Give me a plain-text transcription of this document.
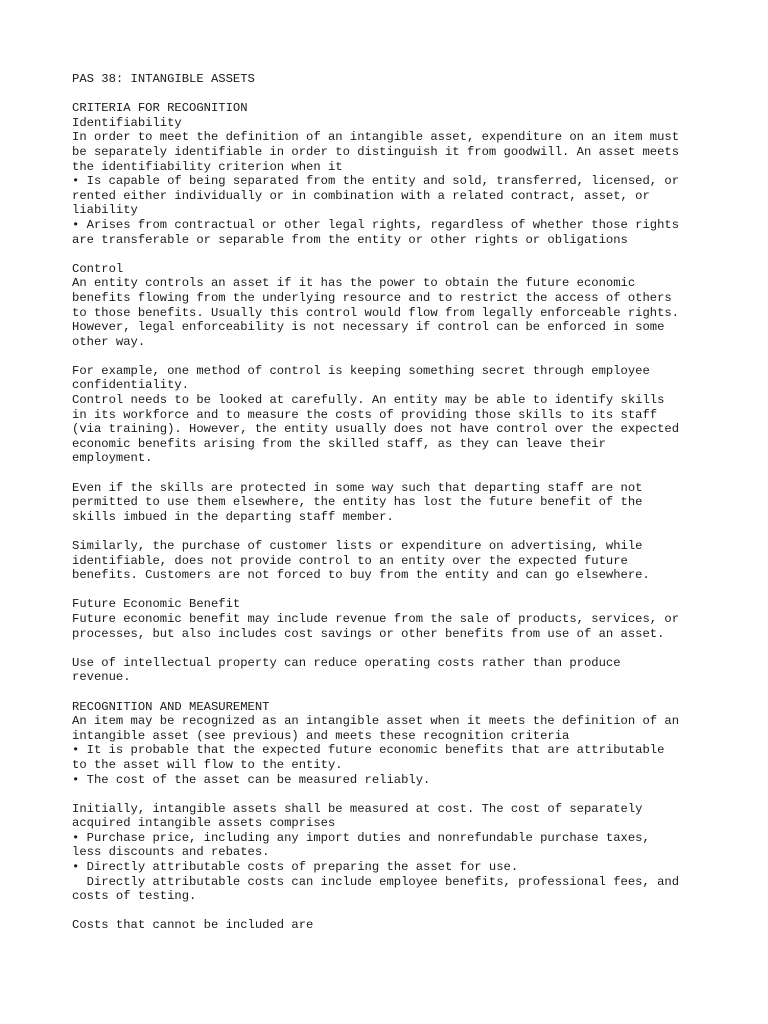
PAS 38: INTANGIBLE ASSETS
CRITERIA FOR RECOGNITION
Identifiability
In order to meet the definition of an intangible asset, expenditure on an item must
be separately identifiable in order to distinguish it from goodwill. An asset meets
the identifiability criterion when it
• Is capable of being separated from the entity and sold, transferred, licensed, or
rented either individually or in combination with a related contract, asset, or
liability
• Arises from contractual or other legal rights, regardless of whether those rights
are transferable or separable from the entity or other rights or obligations
Control
An entity controls an asset if it has the power to obtain the future economic
benefits flowing from the underlying resource and to restrict the access of others
to those benefits. Usually this control would flow from legally enforceable rights.
However, legal enforceability is not necessary if control can be enforced in some
other way.
For example, one method of control is keeping something secret through employee
confidentiality.
Control needs to be looked at carefully. An entity may be able to identify skills
in its workforce and to measure the costs of providing those skills to its staff
(via training). However, the entity usually does not have control over the expected
economic benefits arising from the skilled staff, as they can leave their
employment.
Even if the skills are protected in some way such that departing staff are not
permitted to use them elsewhere, the entity has lost the future benefit of the
skills imbued in the departing staff member.
Similarly, the purchase of customer lists or expenditure on advertising, while
identifiable, does not provide control to an entity over the expected future
benefits. Customers are not forced to buy from the entity and can go elsewhere.
Future Economic Benefit
Future economic benefit may include revenue from the sale of products, services, or
processes, but also includes cost savings or other benefits from use of an asset.
Use of intellectual property can reduce operating costs rather than produce
revenue.
RECOGNITION AND MEASUREMENT
An item may be recognized as an intangible asset when it meets the definition of an
intangible asset (see previous) and meets these recognition criteria
• It is probable that the expected future economic benefits that are attributable
to the asset will flow to the entity.
• The cost of the asset can be measured reliably.
Initially, intangible assets shall be measured at cost. The cost of separately
acquired intangible assets comprises
• Purchase price, including any import duties and nonrefundable purchase taxes,
less discounts and rebates.
• Directly attributable costs of preparing the asset for use.
Directly attributable costs can include employee benefits, professional fees, and
costs of testing.
Costs that cannot be included are
